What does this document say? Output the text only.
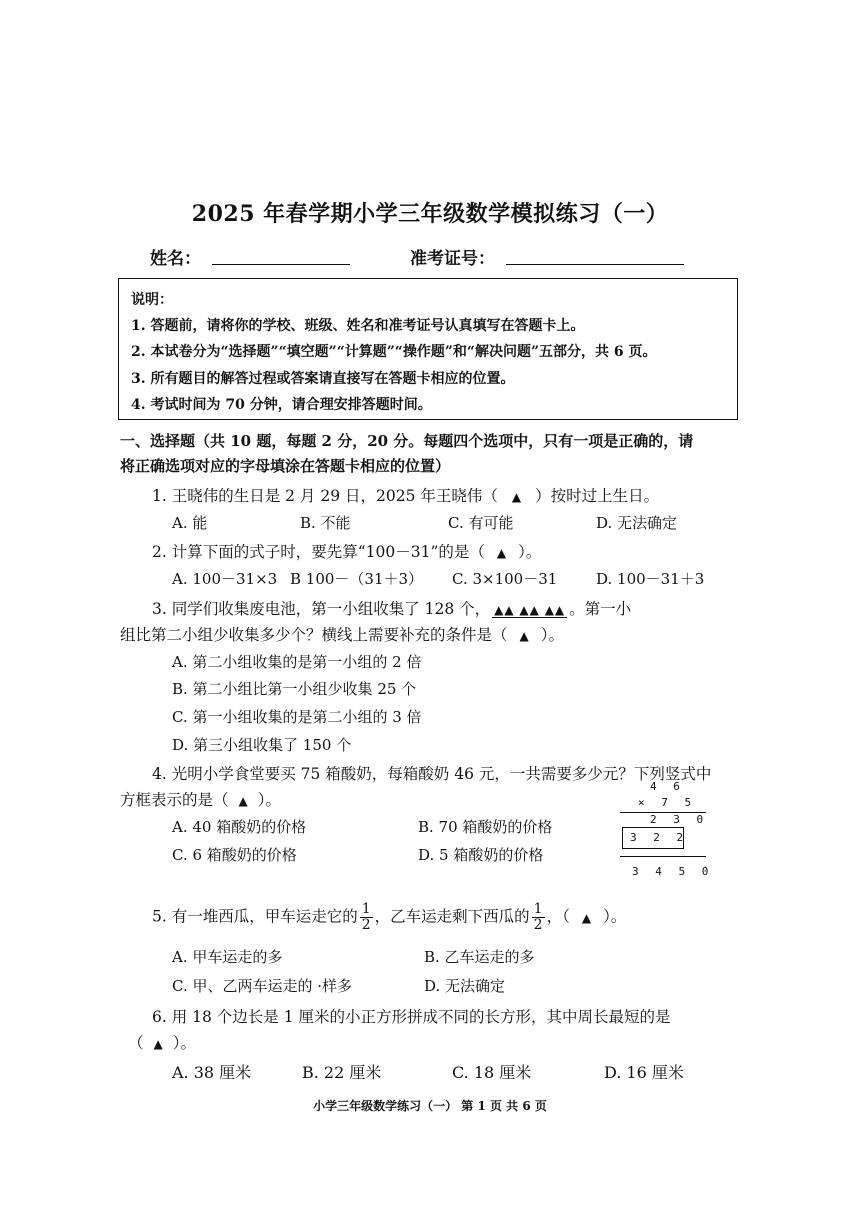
2025 年春学期小学三年级数学模拟练习（一）
姓名：	准考证号：
说明：
1. 答题前，请将你的学校、班级、姓名和准考证号认真填写在答题卡上。
2. 本试卷分为“选择题”“填空题”“计算题”“操作题”和“解决问题”五部分，共 6 页。
3. 所有题目的解答过程或答案请直接写在答题卡相应的位置。
4. 考试时间为 70 分钟，请合理安排答题时间。
一、选择题（共 10 题，每题 2 分，20 分。每题四个选项中，只有一项是正确的，请
将正确选项对应的字母填涂在答题卡相应的位置）
1. 王晓伟的生日是 2 月 29 日，2025 年王晓伟（ ▲ ）按时过上生日。
A. 能	B. 不能	C. 有可能	D. 无法确定
2. 计算下面的式子时，要先算“100－31”的是（ ▲ ）。
A. 100－31×3 B 100－（31＋3） C. 3×100－31	D. 100－31＋3
3. 同学们收集废电池，第一小组收集了 128 个， ▲▲ ▲▲ ▲▲ 。第一小
组比第二小组少收集多少个？横线上需要补充的条件是（ ▲ ）。
A. 第二小组收集的是第一小组的 2 倍
B. 第二小组比第一小组少收集 25 个
C. 第一小组收集的是第二小组的 3 倍
D. 第三小组收集了 150 个
4. 光明小学食堂要买 75 箱酸奶，每箱酸奶 46 元，一共需要多少元？下列竖式中
方框表示的是（ ▲ ）。
A. 40 箱酸奶的价格	B. 70 箱酸奶的价格
C. 6 箱酸奶的价格	D. 5 箱酸奶的价格
4 6
× 7 5
2 3 0
3 2 2
3 4 5 0
5. 有一堆西瓜，甲车运走它的 $\frac{1}{2}$ ，乙车运走剩下西瓜的 $\frac{1}{2}$ ，（ ▲ ）。
A. 甲车运走的多	B. 乙车运走的多
C. 甲、乙两车运走的 ·样多	D. 无法确定
6. 用 18 个边长是 1 厘米的小正方形拼成不同的长方形，其中周长最短的是
（ ▲ ）。
A. 38 厘米	B. 22 厘米	C. 18 厘米	D. 16 厘米
小学三年级数学练习（一） 第 1 页 共 6 页
